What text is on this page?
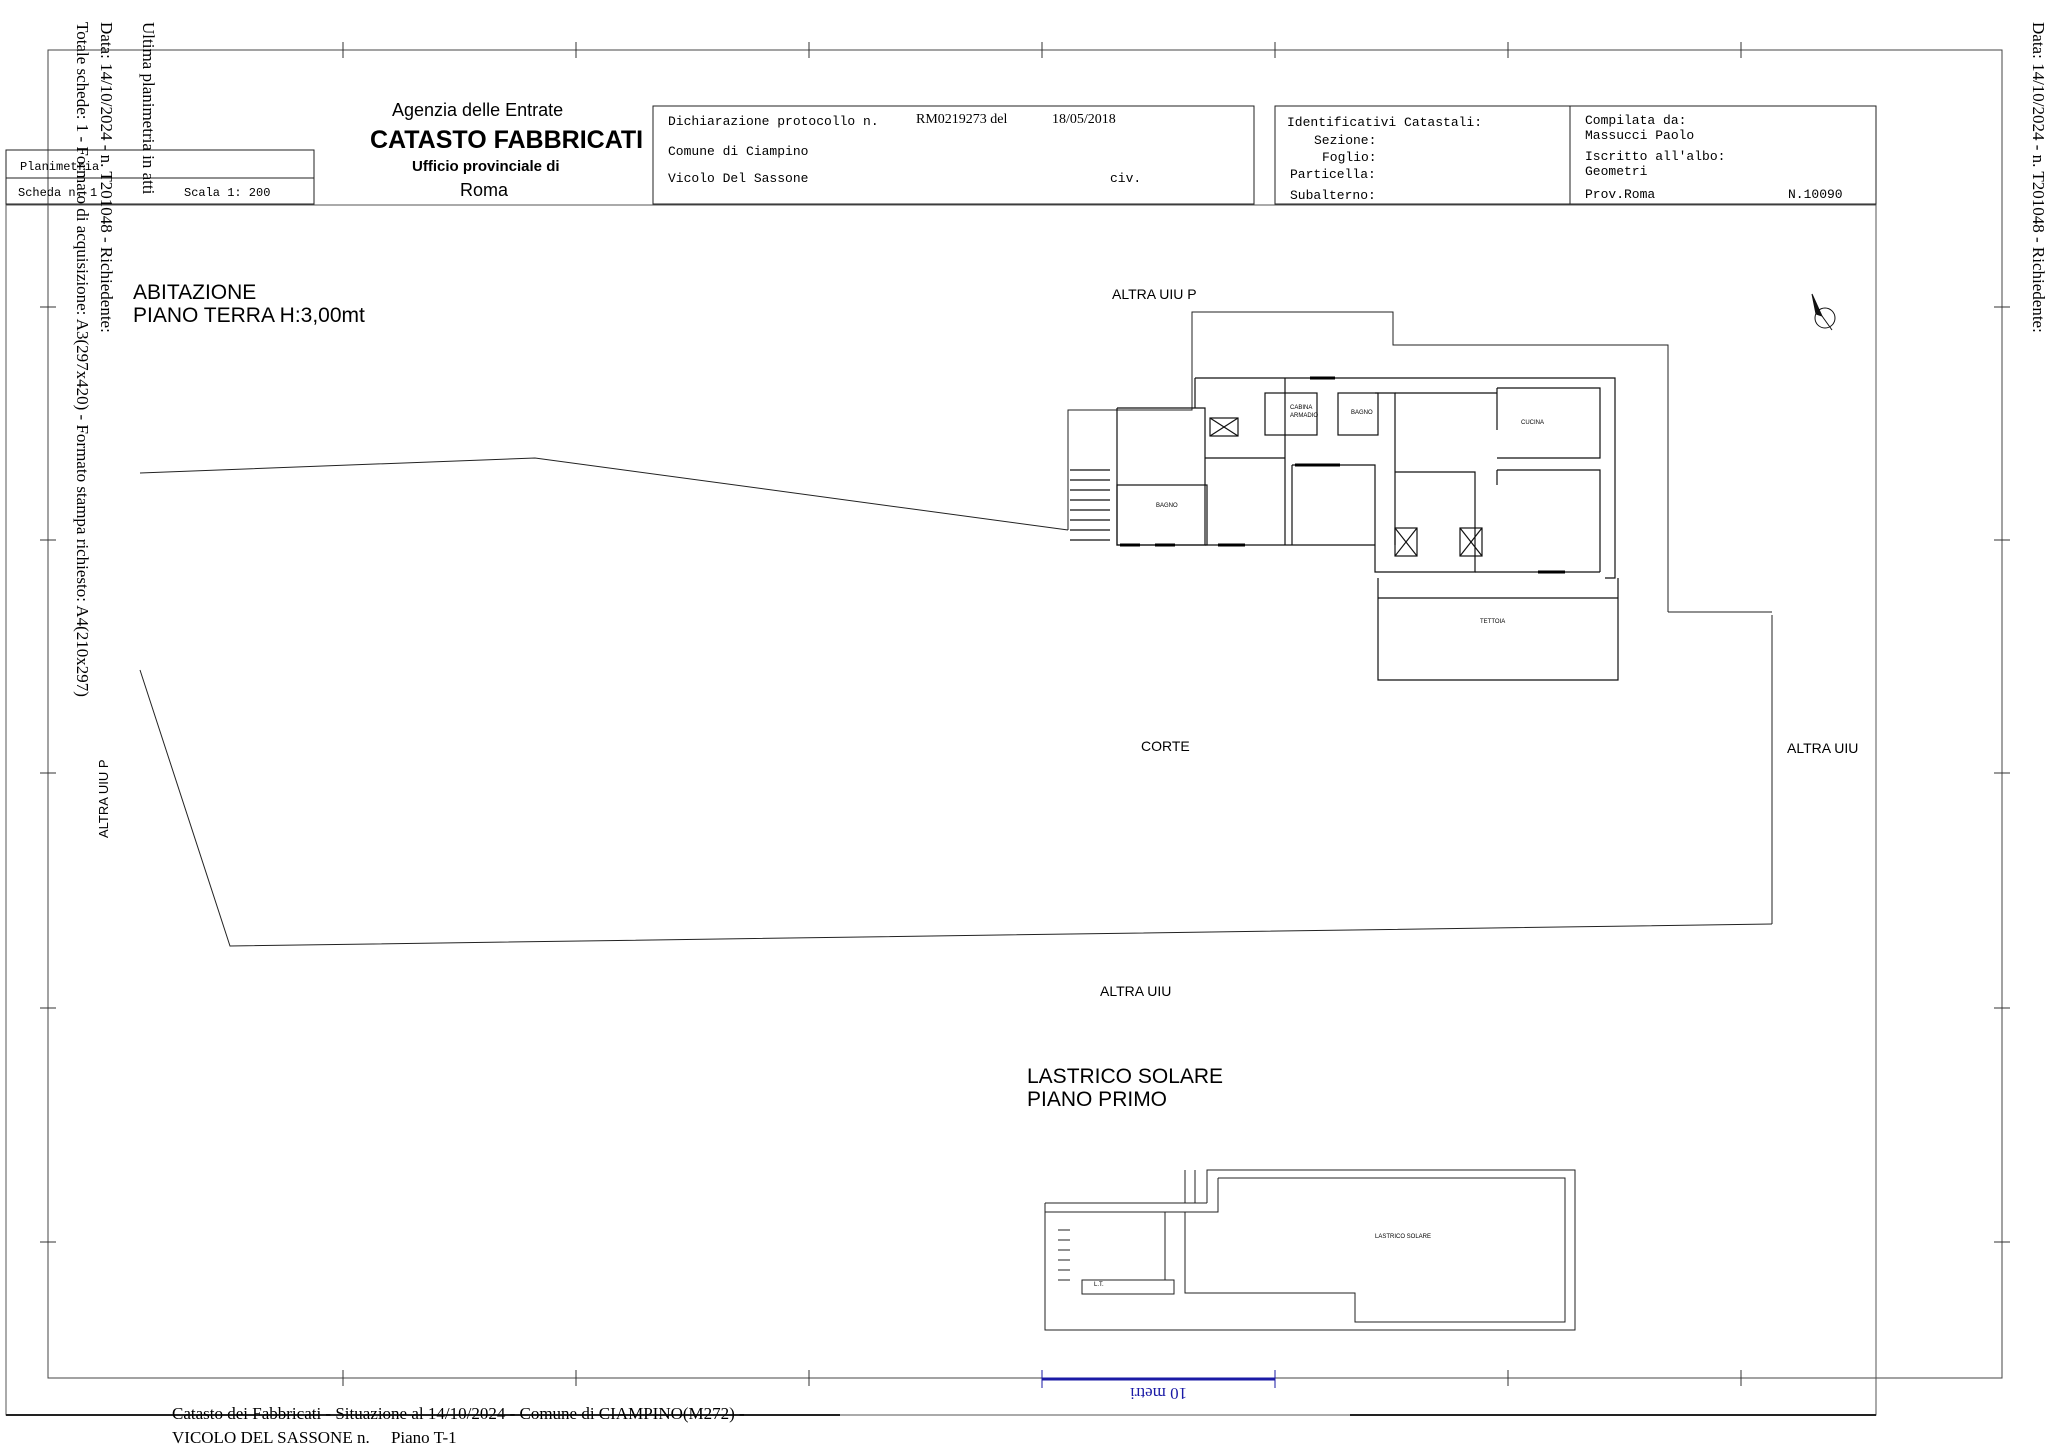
Ultima planimetria in atti
Data: 14/10/2024 - n. T201048 - Richiedente:
Totale schede: 1 - Formato di acquisizione: A3(297x420) - Formato stampa richiesto: A4(210x297)	Data: 14/10/2024 - n. T201048 - Richiedente:
Planimetria
Scheda n. 1	Scala 1: 200
Agenzia delle Entrate
CATASTO FABBRICATI
Ufficio provinciale di
Roma
Dichiarazione protocollo n.	RM0219273 del	18/05/2018
Comune di Ciampino
Vicolo Del Sassone	civ.
Identificativi Catastali:
Sezione:
Foglio:
Particella:
Subalterno:
Compilata da:
Massucci Paolo
Iscritto all'albo:
Geometri
Prov.Roma	N.10090
ABITAZIONE
PIANO TERRA H:3,00mt
ALTRA UIU P
ALTRA UIU
ALTRA UIU
ALTRA UIU P
CORTE
CABINA
ARMADIO	BAGNO
CUCINA
BAGNO
TETTOIA
LASTRICO SOLARE
PIANO PRIMO
LASTRICO SOLARE
L.T.
10 metri
Catasto dei Fabbricati - Situazione al 14/10/2024 - Comune di CIAMPINO(M272) -
VICOLO DEL SASSONE n.     Piano T-1
